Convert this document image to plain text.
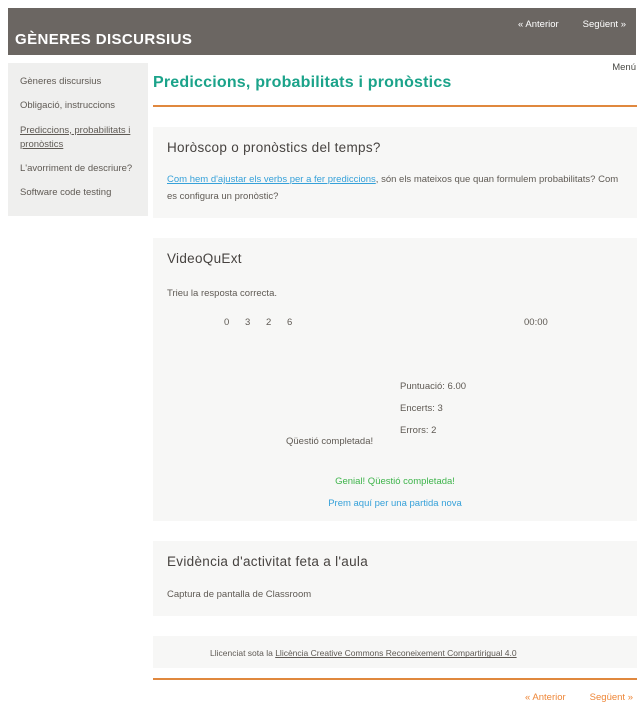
GÈNERES DISCURSIUS
« Anterior	Següent »
Gèneres discursius
Obligació, instruccions
Prediccions, probabilitats i pronòstics
L'avorriment de descriure?
Software code testing
Menú
Prediccions, probabilitats i pronòstics
Horòscop o pronòstics del temps?

Com hem d'ajustar els verbs per a fer prediccions, són els mateixos que quan formulem probabilitats? Com es configura un pronòstic?

VideoQuExt
Trieu la resposta correcta.
0 3 2 6	00:00
Puntuació: 6.00
Encerts: 3
Errors: 2
Qüestió completada!
Genial! Qüestió completada!
Prem aquí per una partida nova
Evidència d'activitat feta a l'aula

Captura de pantalla de Classroom

Llicenciat sota la Llicència Creative Commons Reconeixement Compartirigual 4.0
« Anterior	Següent »
